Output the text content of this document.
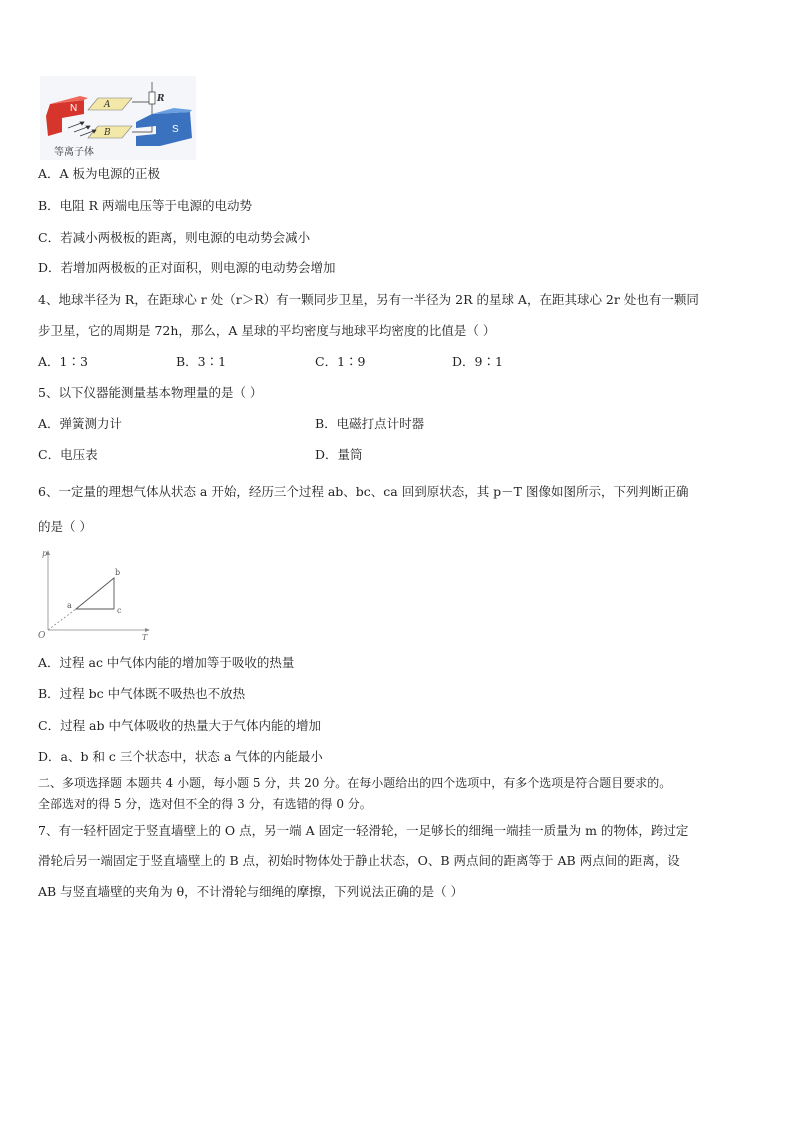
N	A
B
R
S
等离子体
A．A 板为电源的正极
B．电阻 R 两端电压等于电源的电动势
C．若减小两极板的距离，则电源的电动势会减小
D．若增加两极板的正对面积，则电源的电动势会增加
4、地球半径为 R，在距球心 r 处（r＞R）有一颗同步卫星，另有一半径为 2R 的星球 A，在距其球心 2r 处也有一颗同
步卫星，它的周期是 72h，那么，A 星球的平均密度与地球平均密度的比值是（ ）
A．1∶3	B．3∶1	C．1∶9	D．9∶1
5、以下仪器能测量基本物理量的是（ ）
A．弹簧测力计	B．电磁打点计时器
C．电压表	D．量筒
6、一定量的理想气体从状态 a 开始，经历三个过程 ab、bc、ca 回到原状态，其 p－T 图像如图所示，下列判断正确
的是（ ）
p
T
O
a
b
c
A．过程 ac 中气体内能的增加等于吸收的热量
B．过程 bc 中气体既不吸热也不放热
C．过程 ab 中气体吸收的热量大于气体内能的增加
D．a、b 和 c 三个状态中，状态 a 气体的内能最小
二、多项选择题 本题共 4 小题，每小题 5 分，共 20 分。在每小题给出的四个选项中，有多个选项是符合题目要求的。
全部选对的得 5 分，选对但不全的得 3 分，有选错的得 0 分。
7、有一轻杆固定于竖直墙壁上的 O 点，另一端 A 固定一轻滑轮，一足够长的细绳一端挂一质量为 m 的物体，跨过定
滑轮后另一端固定于竖直墙壁上的 B 点，初始时物体处于静止状态，O、B 两点间的距离等于 AB 两点间的距离，设
AB 与竖直墙壁的夹角为 θ，不计滑轮与细绳的摩擦，下列说法正确的是（ ）
